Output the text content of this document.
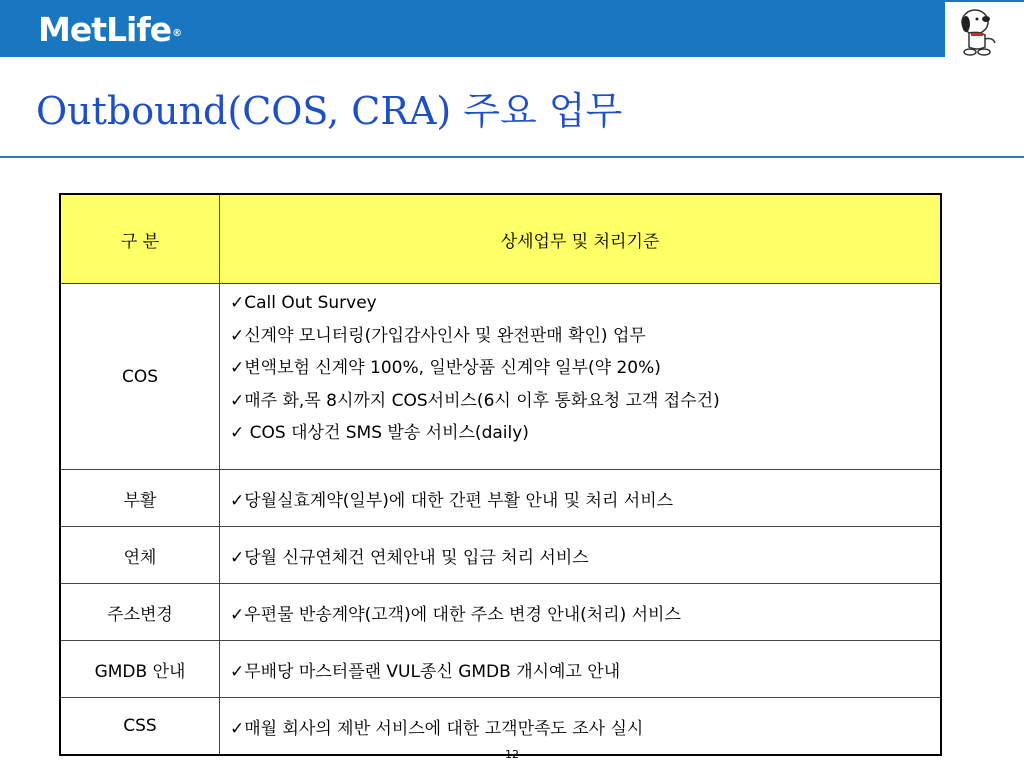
MetLife®
Outbound(COS, CRA) 주요 업무
구 분	상세업무 및 처리기준
COS	✓Call Out Survey
✓신계약 모니터링(가입감사인사 및 완전판매 확인) 업무
✓변액보험 신계약 100%, 일반상품 신계약 일부(약 20%)
✓매주 화,목 8시까지 COS서비스(6시 이후 통화요청 고객 접수건)
✓ COS 대상건 SMS 발송 서비스(daily)

부활	✓당월실효계약(일부)에 대한 간편 부활 안내 및 처리 서비스
연체	✓당월 신규연체건 연체안내 및 입금 처리 서비스
주소변경	✓우편물 반송계약(고객)에 대한 주소 변경 안내(처리) 서비스
GMDB 안내	✓무배당 마스터플랜 VUL종신 GMDB 개시예고 안내
CSS	✓매월 회사의 제반 서비스에 대한 고객만족도 조사 실시
12
